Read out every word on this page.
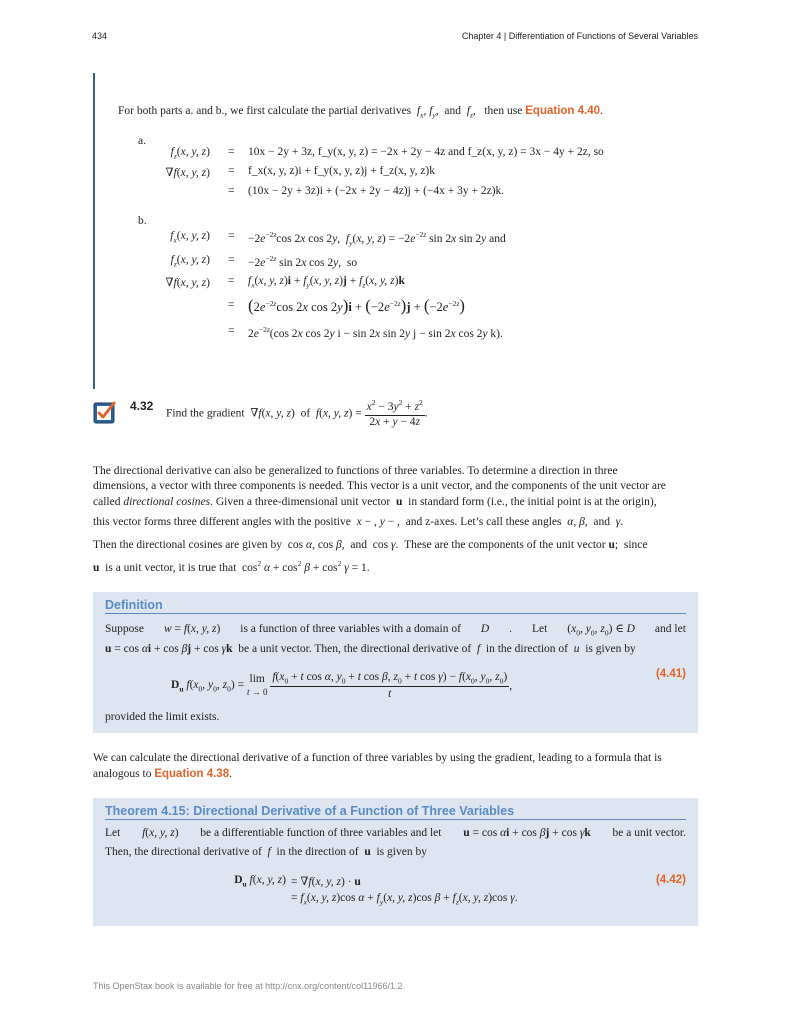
434	Chapter 4 | Differentiation of Functions of Several Variables
For both parts a. and b., we first calculate the partial derivatives $f_x$, $f_y$, and $f_z$, then use Equation 4.40.
a.
$f_z(x$, y, z) = 10x − 2y + 3z, f_y(x, y, z) = −2x + 2y − 4z and f_z(x, y, z) = 3x − 4y + 2z, so
∇f(x, y, z) = f_x(x, y, z)i + f_y(x, y, z)j + f_z(x, y, z)k
= (10x − 2y + 3z)i + (−2x + 2y − 4z)j + (−4x + 3y + 2z)k.
b.
$f_x(x$, y, $z) = -2e^{-2z}\cos$ 2x cos 2y,  $f_y(x$, y, $z) = -2e^{-2z}$ sin 2x sin 2y and
$f_z(x$, y, $z) = -2e^{-2z}$ sin 2x cos 2y,  so
∇f(x, y, $z) = f_x(x$, y, $z)i + f_y(x$, y, $z)j + f_z(x$, y, z)k
= ($2e^{-2z}\cos$ 2x $\cos 2y)i + (-2e^{-2z})j + (-2e^{-2z})$
= $2e^{-2z}(\cos$ 2x cos 2y i − sin 2x sin 2y j − sin 2x cos 2y k).
4.32
Find the gradient ∇f(x, y, z) of f(x, y, $z) = \frac{x^2 - 3y^2 + z^2}{2x + y - 4z}$ .
The directional derivative can also be generalized to functions of three variables. To determine a direction in three
dimensions, a vector with three components is needed. This vector is a unit vector, and the components of the unit vector are
called directional cosines. Given a three-dimensional unit vector u in standard form (i.e., the initial point is at the origin),
this vector forms three different angles with the positive x − , y − ,  and z-axes. Let’s call these angles α, β,  and γ.
Then the directional cosines are given by  cos α, cos β,  and  cos γ.  These are the components of the unit vector u;  since
u is a unit vector, it is true that  $\cos^2 \alpha + \cos^2 \beta + \cos^2 \gamma = 1$.
Definition
Suppose w = f(x, y, z) is a function of three variables with a domain of D . Let ($x_0$, $y_0$, $z_0$) ∈ D and let
u = cos αi + cos βj + cos γk be a unit vector. Then, the directional derivative of f in the direction of u is given by
$D_u$ $f(x_0$, $y_0$, $z_0) = \lim$
$t \to 0 \frac{f(x_0 + t \cos \alpha, y_0 + t \cos \beta, z_0 + t \cos \gamma) - f(x_0, y_0, z_0)}{t}$ ,
(4.41)
provided the limit exists.
We can calculate the directional derivative of a function of three variables by using the gradient, leading to a formula that is
analogous to Equation 4.38.
Theorem 4.15: Directional Derivative of a Function of Three Variables
Let f(x, y, z) be a differentiable function of three variables and let u = cos αi + cos βj + cos γk be a unit vector.
Then, the directional derivative of f in the direction of u is given by
$D_u$ f(x, y, z) = ∇f(x, y, z) · u
= $f_x(x$, y, z)cos $\alpha + f_y(x$, y, z)cos $\beta + f_z(x$, y, z)cos γ.
(4.42)
This OpenStax book is available for free at http://cnx.org/content/col11966/1.2
